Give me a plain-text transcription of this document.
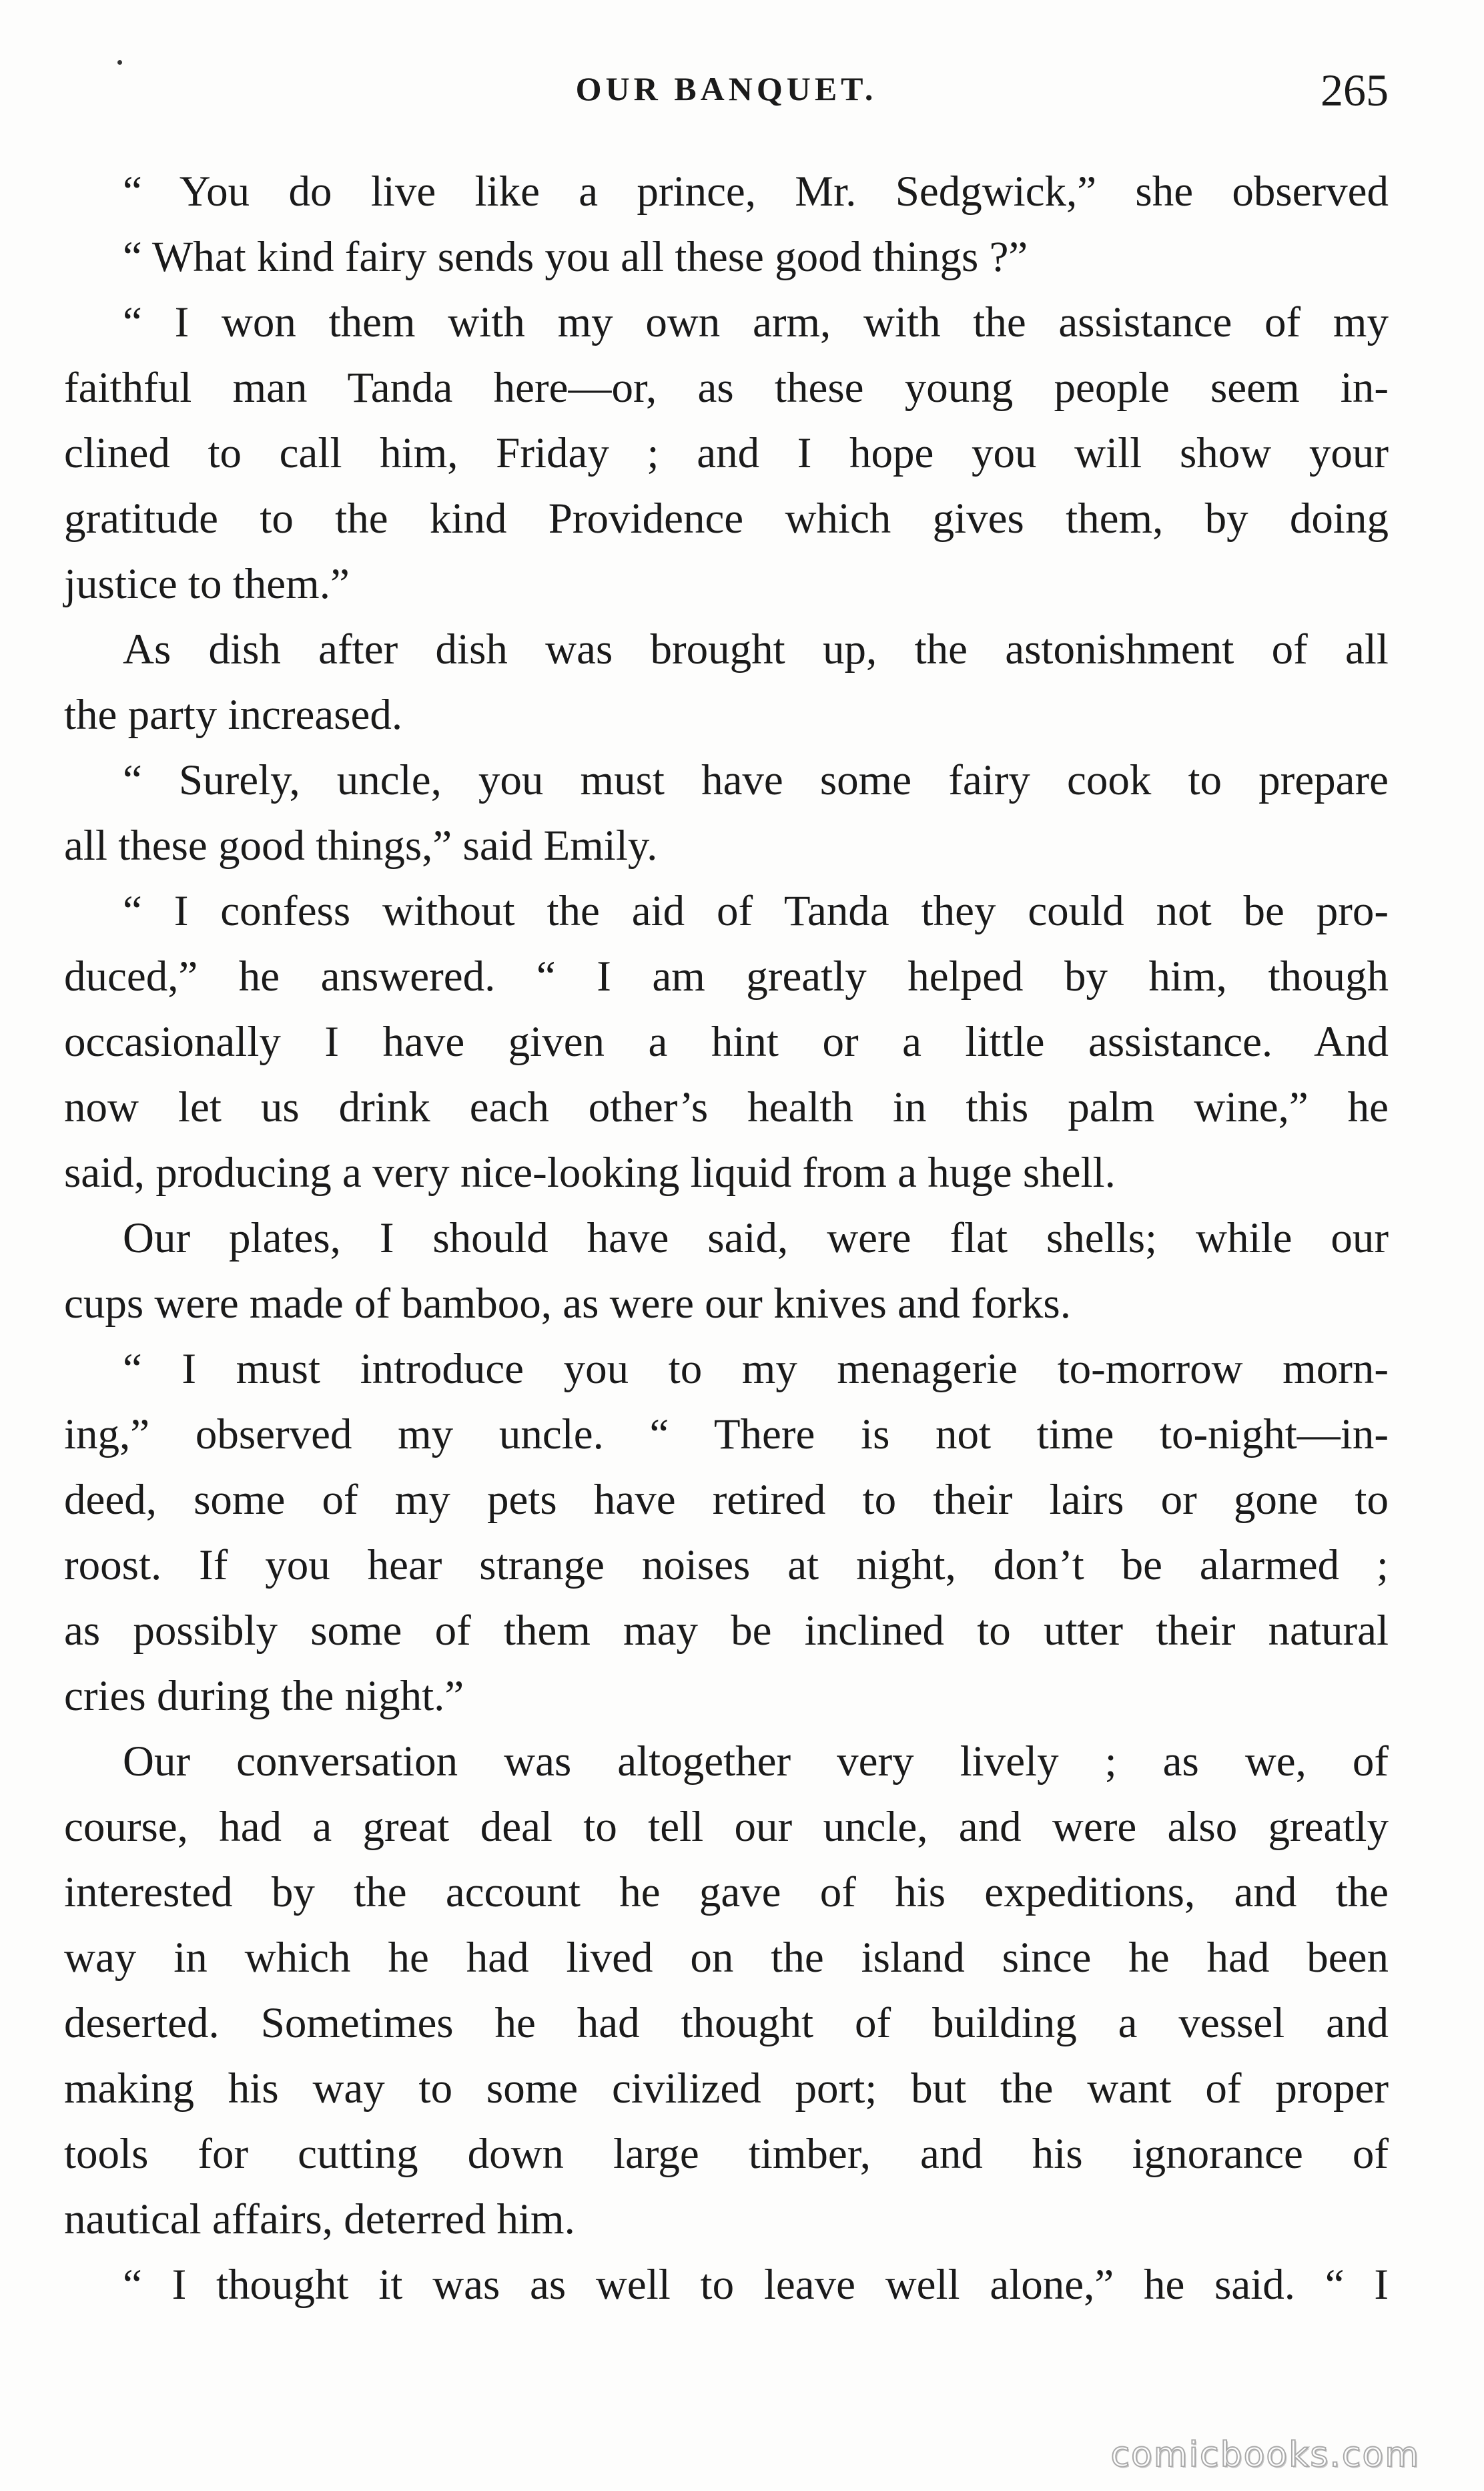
OUR BANQUET.	265
“ You do live like a prince, Mr. Sedgwick,” she observed
“ What kind fairy sends you all these good things ?”
“ I won them with my own arm, with the assistance of my
faithful man Tanda here—or, as these young people seem in-
clined to call him, Friday ; and I hope you will show your
gratitude to the kind Providence which gives them, by doing
justice to them.”
As dish after dish was brought up, the astonishment of all
the party increased.
“ Surely, uncle, you must have some fairy cook to prepare
all these good things,” said Emily.
“ I confess without the aid of Tanda they could not be pro-
duced,” he answered. “ I am greatly helped by him, though
occasionally I have given a hint or a little assistance. And
now let us drink each other’s health in this palm wine,” he
said, producing a very nice-looking liquid from a huge shell.
Our plates, I should have said, were flat shells; while our
cups were made of bamboo, as were our knives and forks.
“ I must introduce you to my menagerie to-morrow morn-
ing,” observed my uncle. “ There is not time to-night—in-
deed, some of my pets have retired to their lairs or gone to
roost. If you hear strange noises at night, don’t be alarmed ;
as possibly some of them may be inclined to utter their natural
cries during the night.”
Our conversation was altogether very lively ; as we, of
course, had a great deal to tell our uncle, and were also greatly
interested by the account he gave of his expeditions, and the
way in which he had lived on the island since he had been
deserted. Sometimes he had thought of building a vessel and
making his way to some civilized port; but the want of proper
tools for cutting down large timber, and his ignorance of
nautical affairs, deterred him.
“ I thought it was as well to leave well alone,” he said. “ I
comicbooks.com
